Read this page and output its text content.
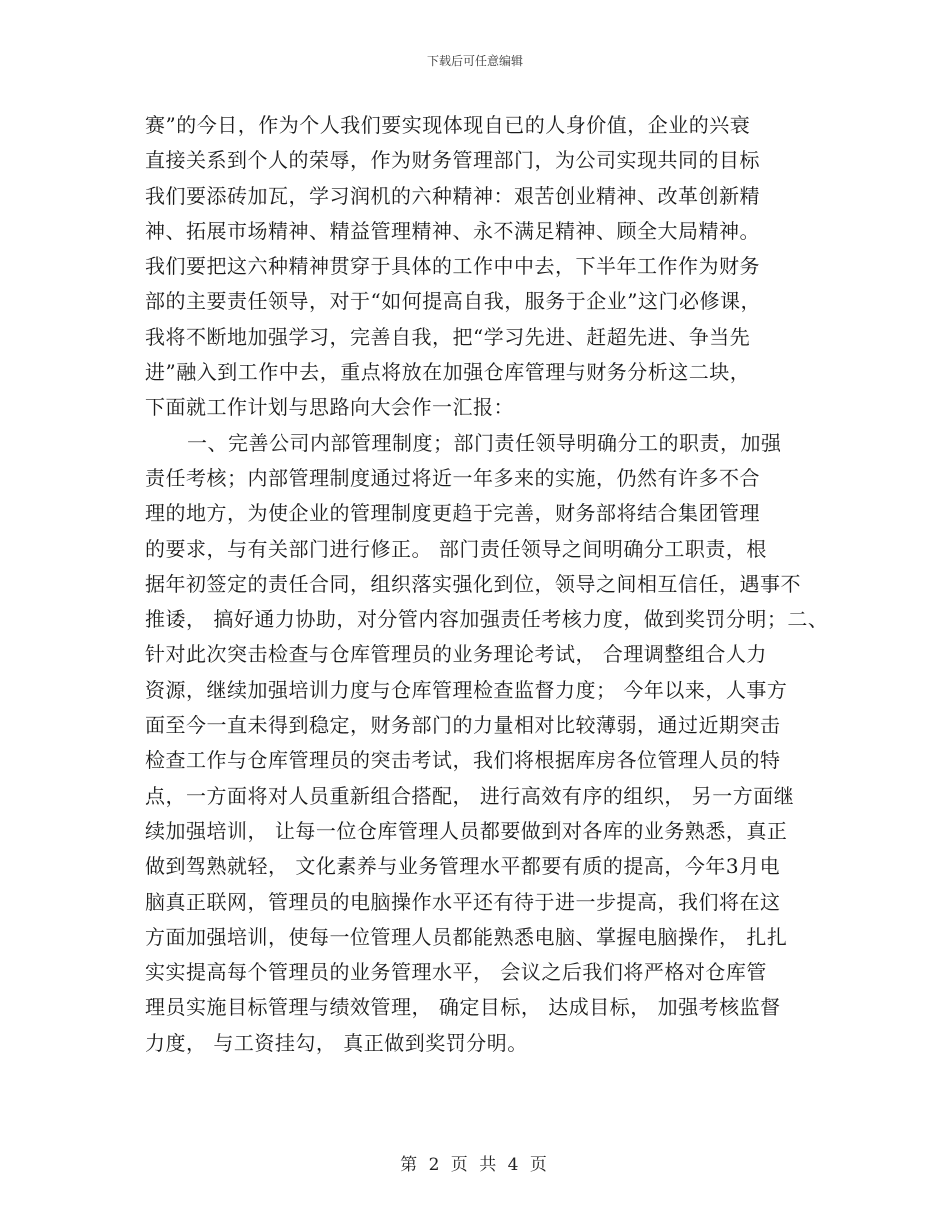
下载后可任意编辑
赛”的今日，作为个人我们要实现体现自已的人身价值，企业的兴衰
直接关系到个人的荣辱，作为财务管理部门，为公司实现共同的目标
我们要添砖加瓦，学习润机的六种精神：艰苦创业精神、改革创新精
神、拓展市场精神、精益管理精神、永不满足精神、顾全大局精神。
我们要把这六种精神贯穿于具体的工作中中去，下半年工作作为财务
部的主要责任领导，对于“如何提高自我，服务于企业”这门必修课，
我将不断地加强学习，完善自我，把“学习先进、赶超先进、争当先
进”融入到工作中去，重点将放在加强仓库管理与财务分析这二块，
下面就工作计划与思路向大会作一汇报：
一、完善公司内部管理制度；部门责任领导明确分工的职责，加强
责任考核；内部管理制度通过将近一年多来的实施，仍然有许多不合
理的地方，为使企业的管理制度更趋于完善，财务部将结合集团管理
的要求，与有关部门进行修正。 部门责任领导之间明确分工职责，根
据年初签定的责任合同，组织落实强化到位，领导之间相互信任，遇事不
推诿， 搞好通力协助，对分管内容加强责任考核力度，做到奖罚分明；二、
针对此次突击检查与仓库管理员的业务理论考试， 合理调整组合人力
资源，继续加强培训力度与仓库管理检查监督力度； 今年以来，人事方
面至今一直未得到稳定，财务部门的力量相对比较薄弱，通过近期突击
检查工作与仓库管理员的突击考试，我们将根据库房各位管理人员的特
点，一方面将对人员重新组合搭配， 进行高效有序的组织， 另一方面继
续加强培训， 让每一位仓库管理人员都要做到对各库的业务熟悉，真正
做到驾熟就轻， 文化素养与业务管理水平都要有质的提高，今年3月电
脑真正联网，管理员的电脑操作水平还有待于进一步提高，我们将在这
方面加强培训，使每一位管理人员都能熟悉电脑、掌握电脑操作， 扎扎
实实提高每个管理员的业务管理水平， 会议之后我们将严格对仓库管
理员实施目标管理与绩效管理， 确定目标， 达成目标， 加强考核监督
力度， 与工资挂勾， 真正做到奖罚分明。
第 2 页 共 4 页
